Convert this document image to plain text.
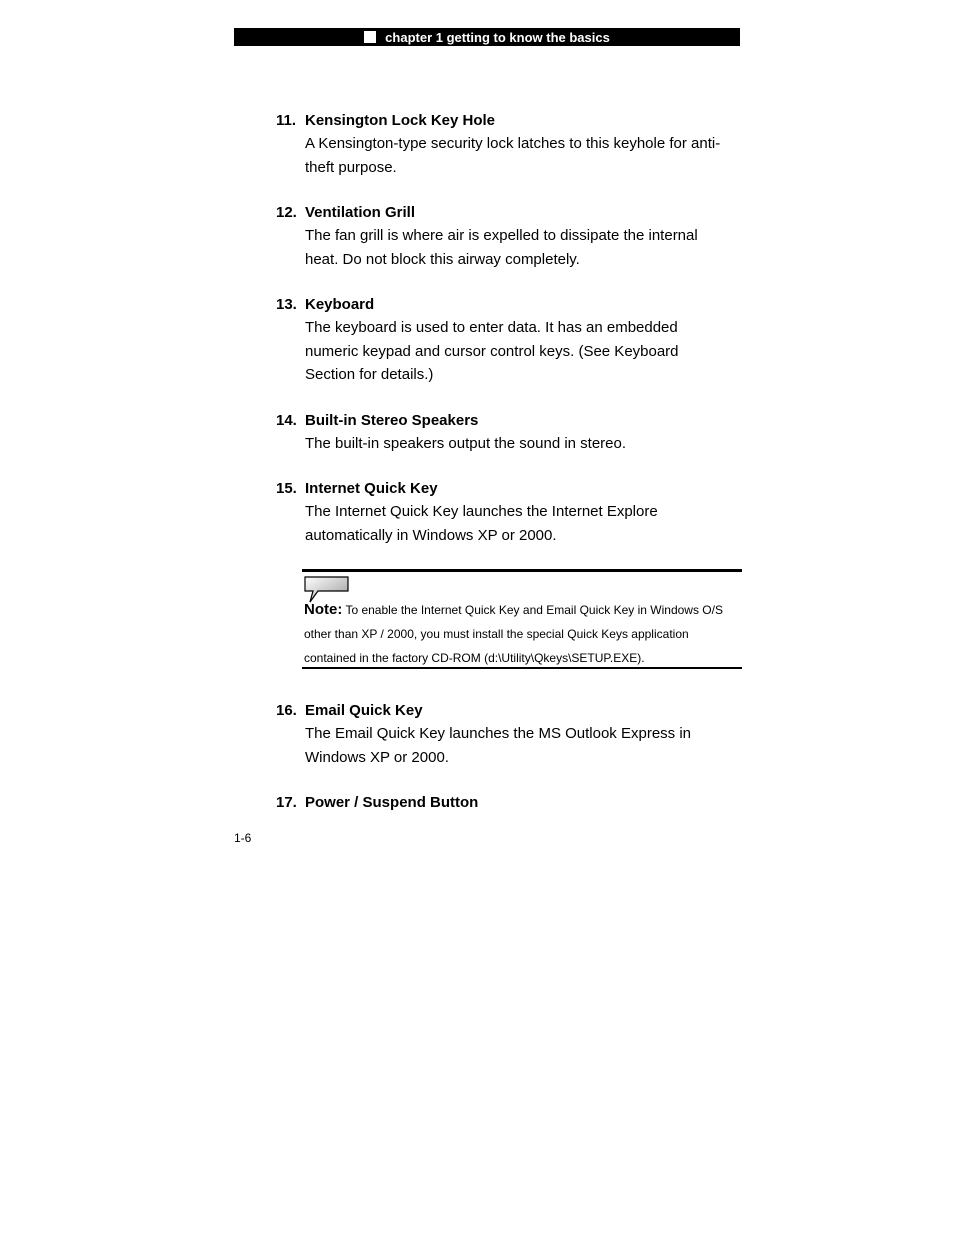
chapter 1 getting to know the basics
11. Kensington Lock Key Hole
A Kensington-type security lock latches to this keyhole for anti-theft purpose.
12. Ventilation Grill
The fan grill is where air is expelled to dissipate the internal heat. Do not block this airway completely.
13. Keyboard
The keyboard is used to enter data. It has an embedded numeric keypad and cursor control keys. (See Keyboard Section for details.)
14. Built-in Stereo Speakers
The built-in speakers output the sound in stereo.
15. Internet Quick Key
The Internet Quick Key launches the Internet Explore automatically in Windows XP or 2000.
Note: To enable the Internet Quick Key and Email Quick Key in Windows O/S other than XP / 2000, you must install the special Quick Keys application contained in the factory CD-ROM (d:\Utility\Qkeys\SETUP.EXE).
16. Email Quick Key
The Email Quick Key launches the MS Outlook Express in Windows XP or 2000.
17. Power / Suspend Button
1-6
